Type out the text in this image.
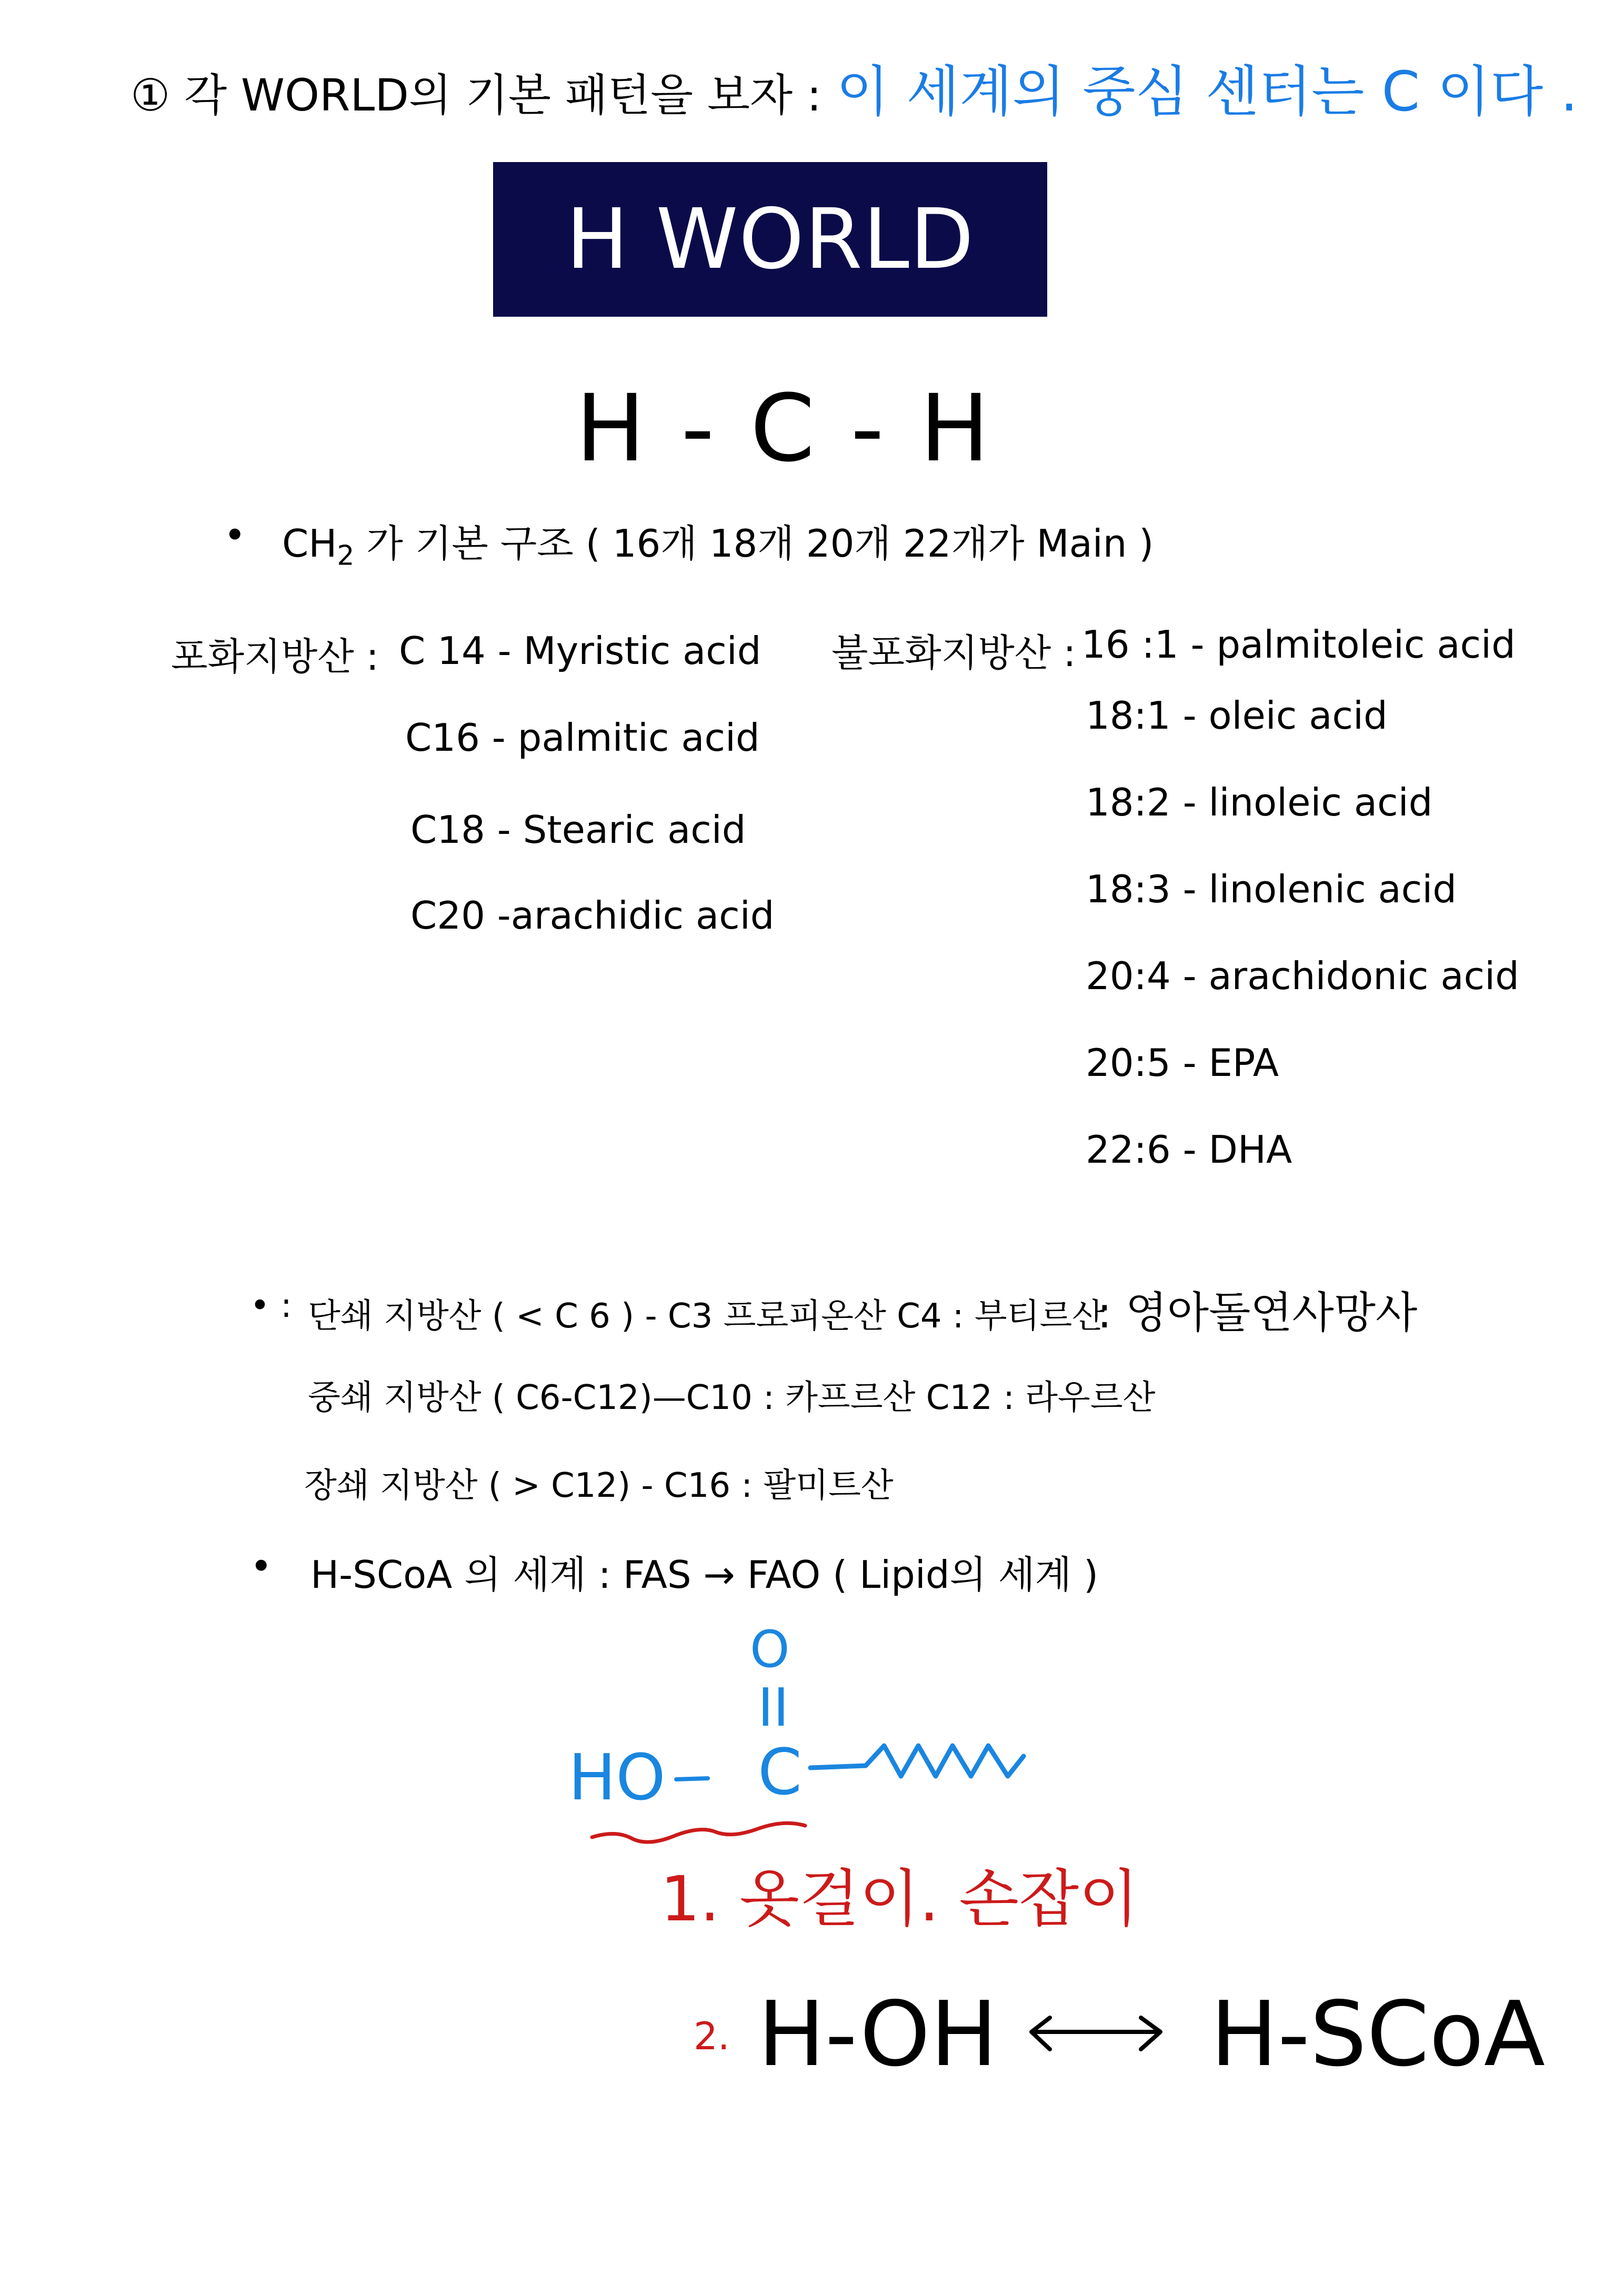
① 각 WORLD의 기본 패턴을 보자 : 이 세계의 중심 센터는 C 이다 .
H WORLD
H - C - H
• $CH_2$ 가 기본 구조 ( 16개 18개 20개 22개가 Main )
포화지방산 : C 14 - Myristic acid
C16 - palmitic acid
C18 - Stearic acid
C20 -arachidic acid
불포화지방산 : 16 :1 - palmitoleic acid
18:1 - oleic acid
18:2 - linoleic acid
18:3 - linolenic acid
20:4 - arachidonic acid
20:5 - EPA
22:6 - DHA
• : 단쇄 지방산 ( < C 6 ) - C3 프로피온산 C4 : 부티르산
: 영아돌연사망사
중쇄 지방산 ( C6-C12)—C10 : 카프르산 C12 : 라우르산
장쇄 지방산 ( > C12) - C16 : 팔미트산
• H-SCoA 의 세계 : FAS → FAO ( Lipid의 세계 )
O
II
HO C
1. 옷걸이. 손잡이
2. H-OH H-SCoA
